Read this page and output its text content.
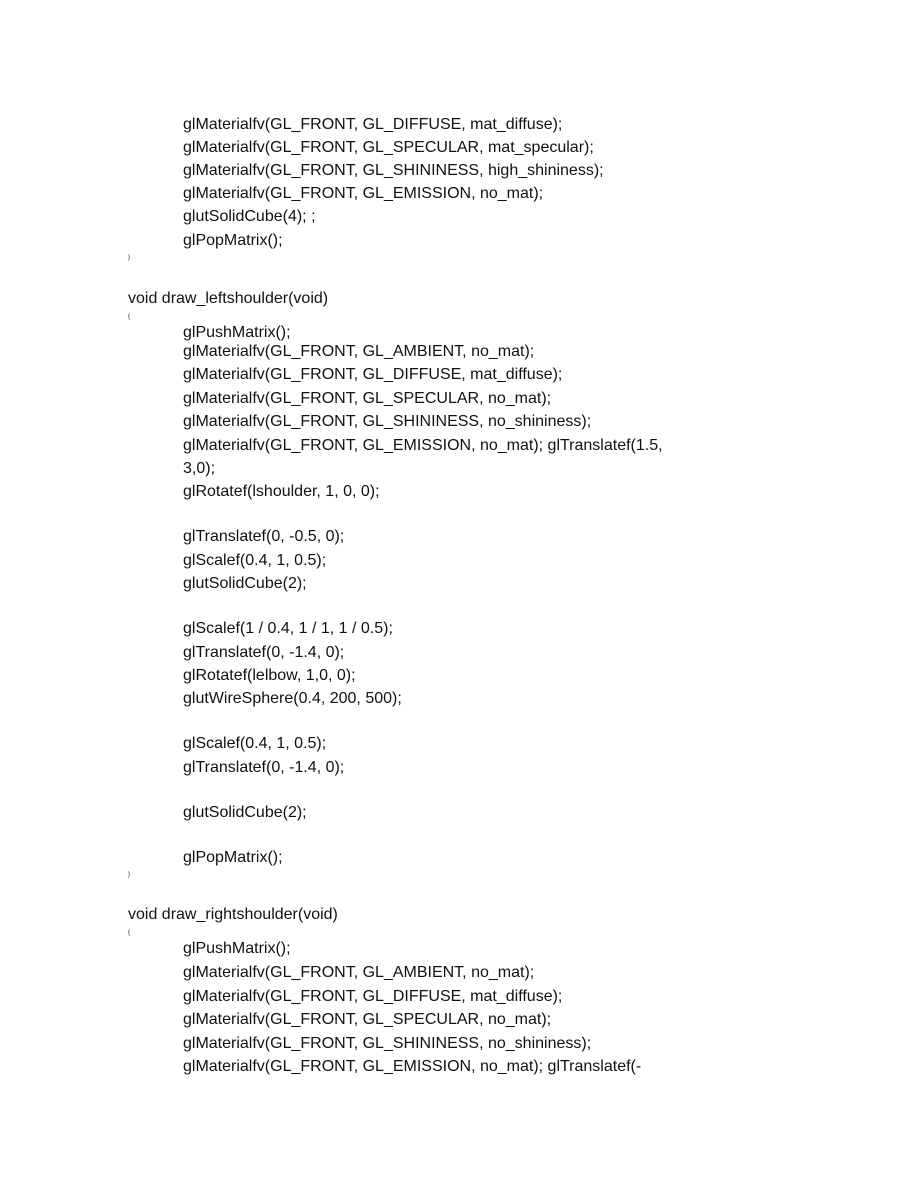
glMaterialfv(GL_FRONT, GL_DIFFUSE, mat_diffuse);
glMaterialfv(GL_FRONT, GL_SPECULAR, mat_specular);
glMaterialfv(GL_FRONT, GL_SHININESS, high_shininess);
glMaterialfv(GL_FRONT, GL_EMISSION, no_mat);
glutSolidCube(4); ;
glPopMatrix();
}
void draw_leftshoulder(void)
{
glPushMatrix();
glMaterialfv(GL_FRONT, GL_AMBIENT, no_mat);
glMaterialfv(GL_FRONT, GL_DIFFUSE, mat_diffuse);
glMaterialfv(GL_FRONT, GL_SPECULAR, no_mat);
glMaterialfv(GL_FRONT, GL_SHININESS, no_shininess);
glMaterialfv(GL_FRONT, GL_EMISSION, no_mat); glTranslatef(1.5,
3,0);
glRotatef(lshoulder, 1, 0, 0);
glTranslatef(0, -0.5, 0);
glScalef(0.4, 1, 0.5);
glutSolidCube(2);
glScalef(1 / 0.4, 1 / 1, 1 / 0.5);
glTranslatef(0, -1.4, 0);
glRotatef(lelbow, 1,0, 0);
glutWireSphere(0.4, 200, 500);
glScalef(0.4, 1, 0.5);
glTranslatef(0, -1.4, 0);
glutSolidCube(2);
glPopMatrix();
}
void draw_rightshoulder(void)
{
glPushMatrix();
glMaterialfv(GL_FRONT, GL_AMBIENT, no_mat);
glMaterialfv(GL_FRONT, GL_DIFFUSE, mat_diffuse);
glMaterialfv(GL_FRONT, GL_SPECULAR, no_mat);
glMaterialfv(GL_FRONT, GL_SHININESS, no_shininess);
glMaterialfv(GL_FRONT, GL_EMISSION, no_mat); glTranslatef(-
